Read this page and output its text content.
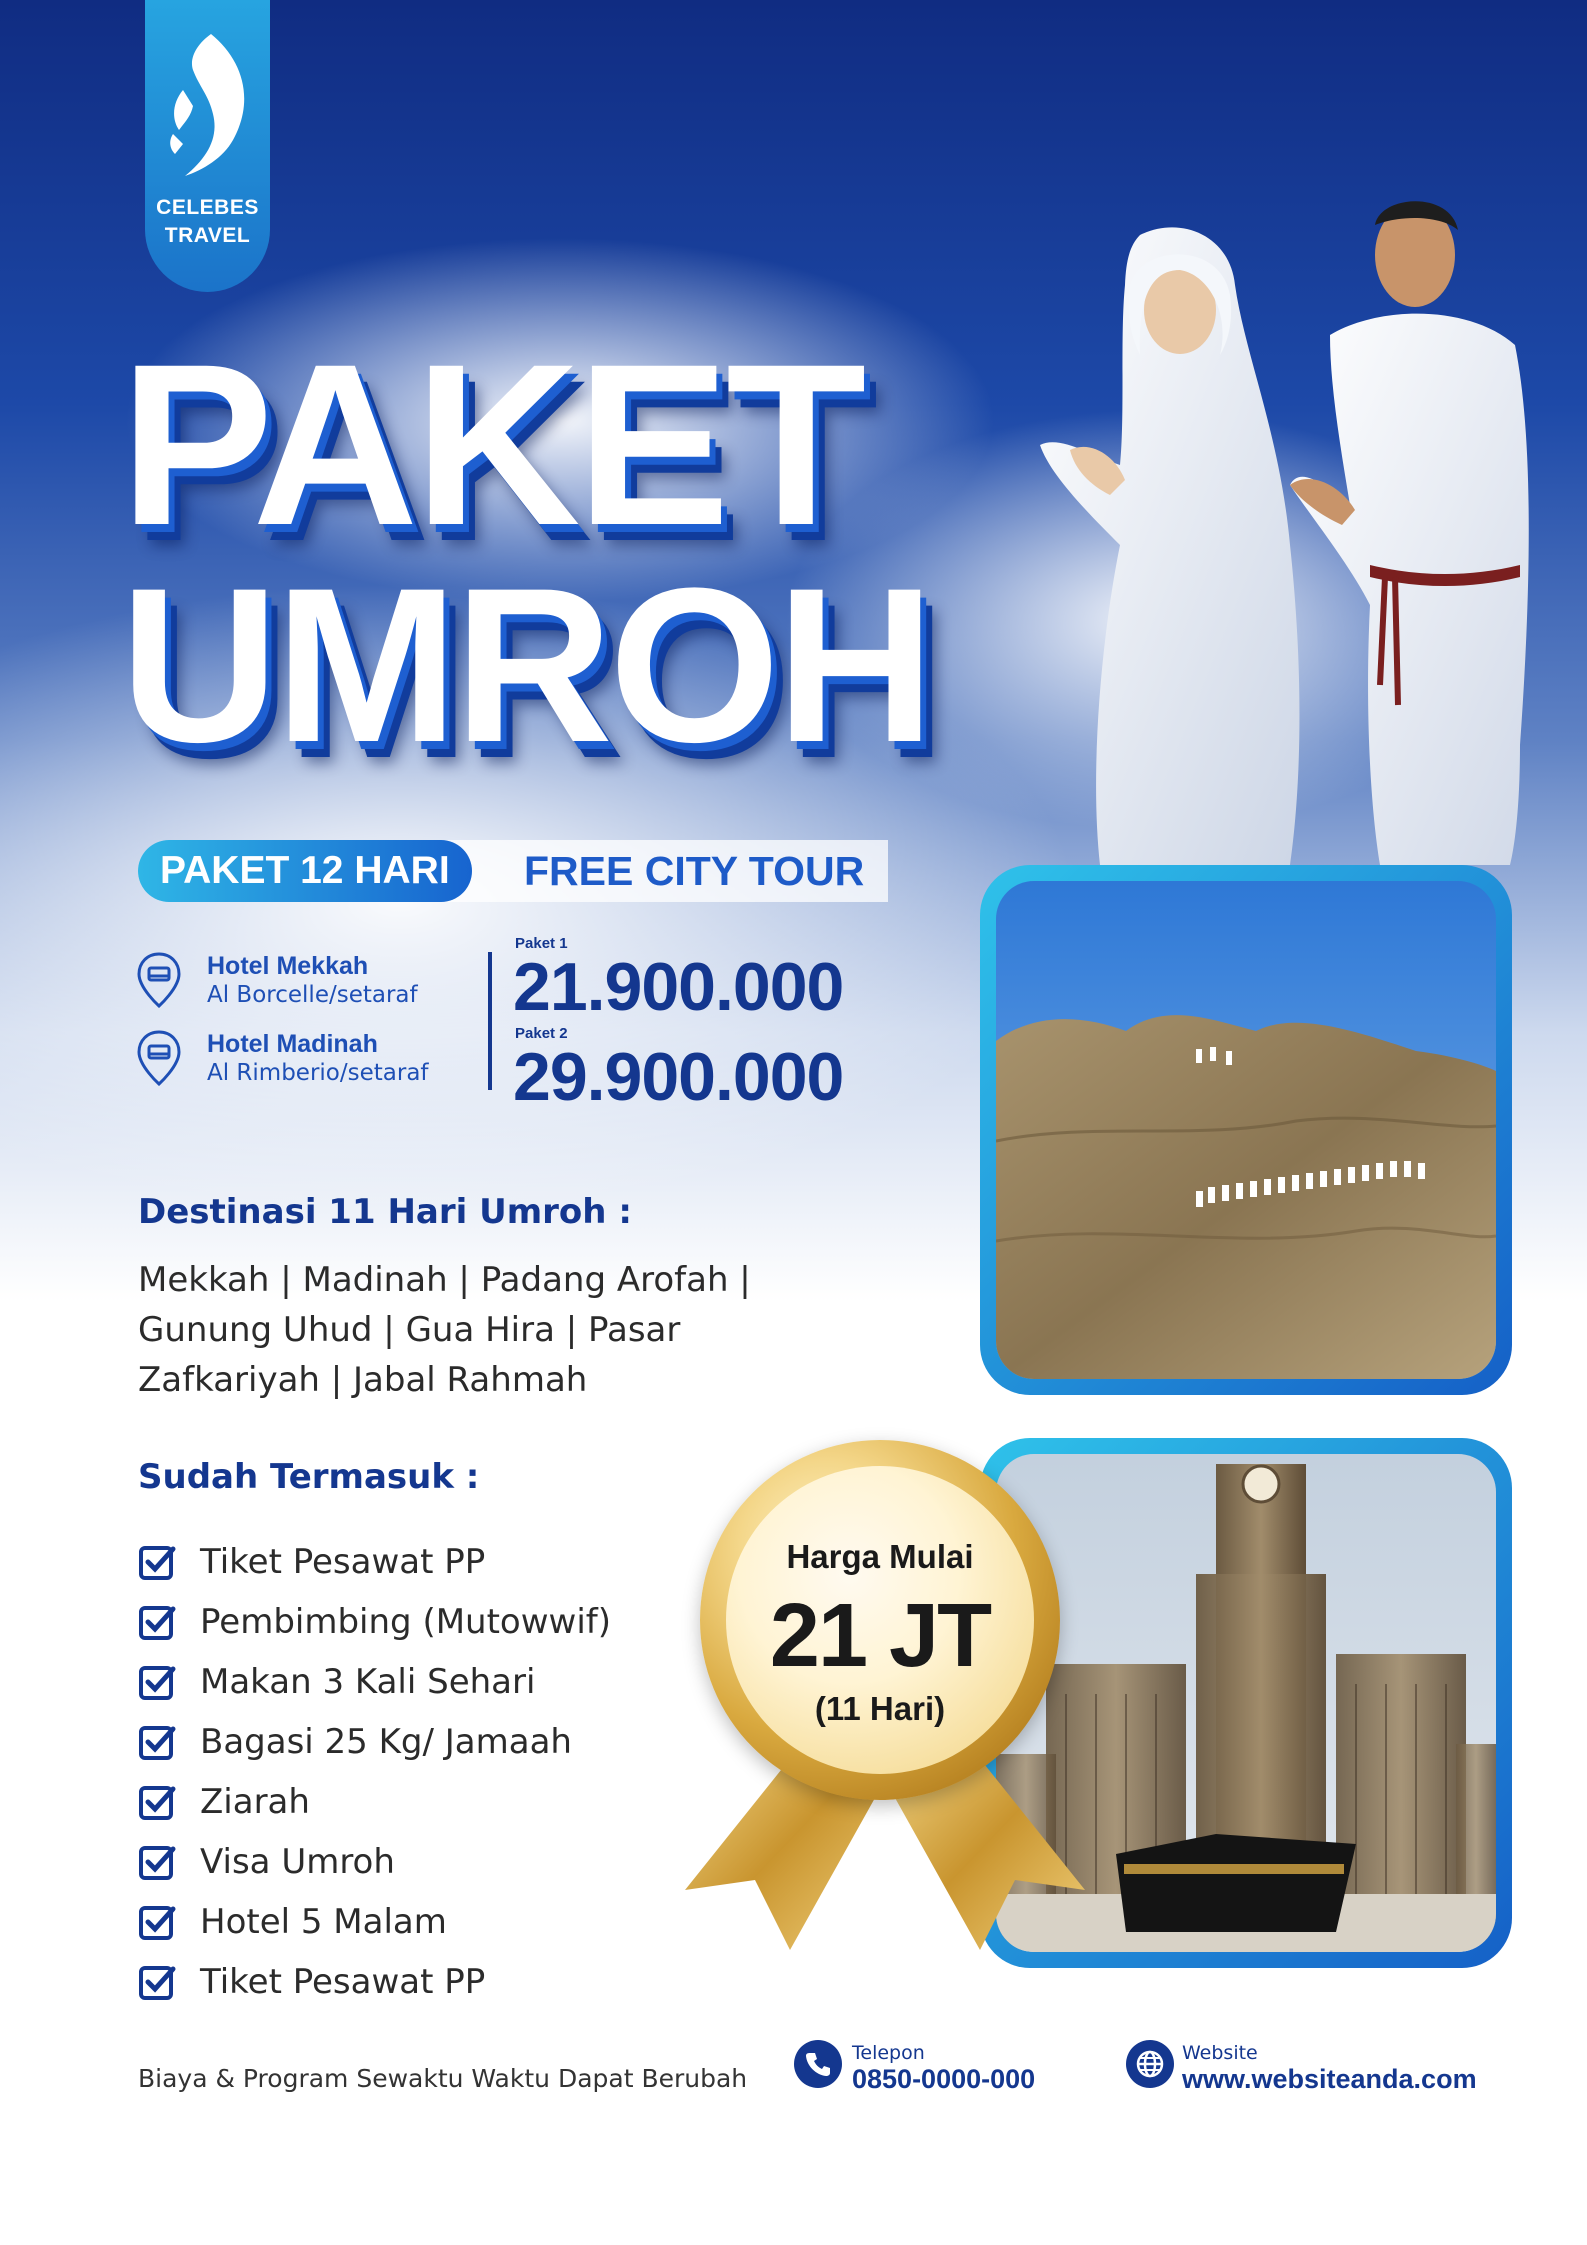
CELEBES
TRAVEL
PAKET
UMROH
PAKET 12 HARI	FREE CITY TOUR
Hotel Mekkah
Al Borcelle/setaraf
Hotel Madinah
Al Rimberio/setaraf
Paket 1
21.900.000
Paket 2
29.900.000
Destinasi 11 Hari Umroh :
Mekkah | Madinah | Padang Arofah | Gunung Uhud | Gua Hira | Pasar Zafkariyah | Jabal Rahmah
Sudah Termasuk :
Tiket Pesawat PP
Pembimbing (Mutowwif)
Makan 3 Kali Sehari
Bagasi 25 Kg/ Jamaah
Ziarah
Visa Umroh
Hotel 5 Malam
Tiket Pesawat PP
Harga Mulai
21 JT
(11 Hari)
Biaya & Program Sewaktu Waktu Dapat Berubah
Telepon
0850-0000-000
Website
www.websiteanda.com
